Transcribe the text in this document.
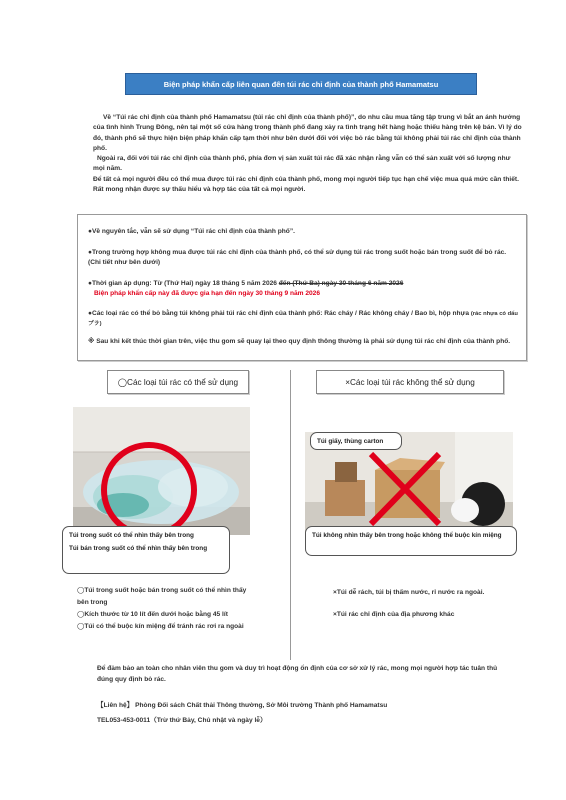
Biện pháp khẩn cấp liên quan đến túi rác chỉ định của thành phố Hamamatsu

Về “Túi rác chỉ định của thành phố Hamamatsu (túi rác chỉ định của thành phố)”, do nhu cầu mua tăng tập trung vì bắt an ánh hưởng của tình hình Trung Đông, nên tại một số cửa hàng trong thành phố đang xảy ra tình trạng hết hàng hoặc thiếu hàng trên kệ bán. Vì lý do đó, thành phố sẽ thực hiện biện pháp khẩn cấp tạm thời như bên dưới đối với việc bỏ rác bằng túi không phải túi rác chỉ định của thành phố.

Ngoài ra, đối với túi rác chỉ định của thành phố, phía đơn vị sản xuất túi rác đã xác nhận rằng vẫn có thể sản xuất với số lượng như mọi năm.

Để tất cả mọi người đều có thể mua được túi rác chỉ định của thành phố, mong mọi người tiếp tục hạn chế việc mua quá mức cần thiết. Rất mong nhận được sự thấu hiểu và hợp tác của tất cả mọi người.

●Về nguyên tắc, vẫn sẽ sử dụng “Túi rác chỉ định của thành phố”.
●Trong trường hợp không mua được túi rác chỉ định của thành phố, có thể sử dụng túi rác trong suốt hoặc bán trong suốt để bỏ rác. (Chi tiết như bên dưới)
●Thời gian áp dụng: Từ (Thứ Hai) ngày 18 tháng 5 năm 2026 đến (Thứ Ba) ngày 30 tháng 6 năm 2026
Biện pháp khẩn cấp này đã được gia hạn đến ngày 30 tháng 9 năm 2026
●Các loại rác có thể bỏ bằng túi không phải túi rác chỉ định của thành phố: Rác cháy / Rác không cháy / Bao bì, hộp nhựa (rác nhựa có dấu プラ)
※ Sau khi kết thúc thời gian trên, việc thu gom sẽ quay lại theo quy định thông thường là phải sử dụng túi rác chỉ định của thành phố.
◯Các loại túi rác có thể sử dụng	×Các loại túi rác không thể sử dụng
Túi trong suốt có thể nhìn thấy bên trong
Túi bán trong suốt có thể nhìn thấy bên trong
Túi giấy, thùng carton
Túi không nhìn thấy bên trong hoặc không thể buộc kín miệng
◯Túi trong suốt hoặc bán trong suốt có thể nhìn thấy bên trong
◯Kích thước từ 10 lít đến dưới hoặc bằng 45 lít
◯Túi có thể buộc kín miệng để tránh rác rơi ra ngoài
×Túi dễ rách, túi bị thấm nước, rỉ nước ra ngoài.
×Túi rác chỉ định của địa phương khác
Để đảm bảo an toàn cho nhân viên thu gom và duy trì hoạt động ổn định của cơ sở xử lý rác, mong mọi người hợp tác tuân thủ đúng quy định bỏ rác.
【Liên hệ】 Phòng Đối sách Chất thải Thông thường, Sở Môi trường Thành phố Hamamatsu
TEL053-453-0011（Trừ thứ Bảy, Chủ nhật và ngày lễ）
